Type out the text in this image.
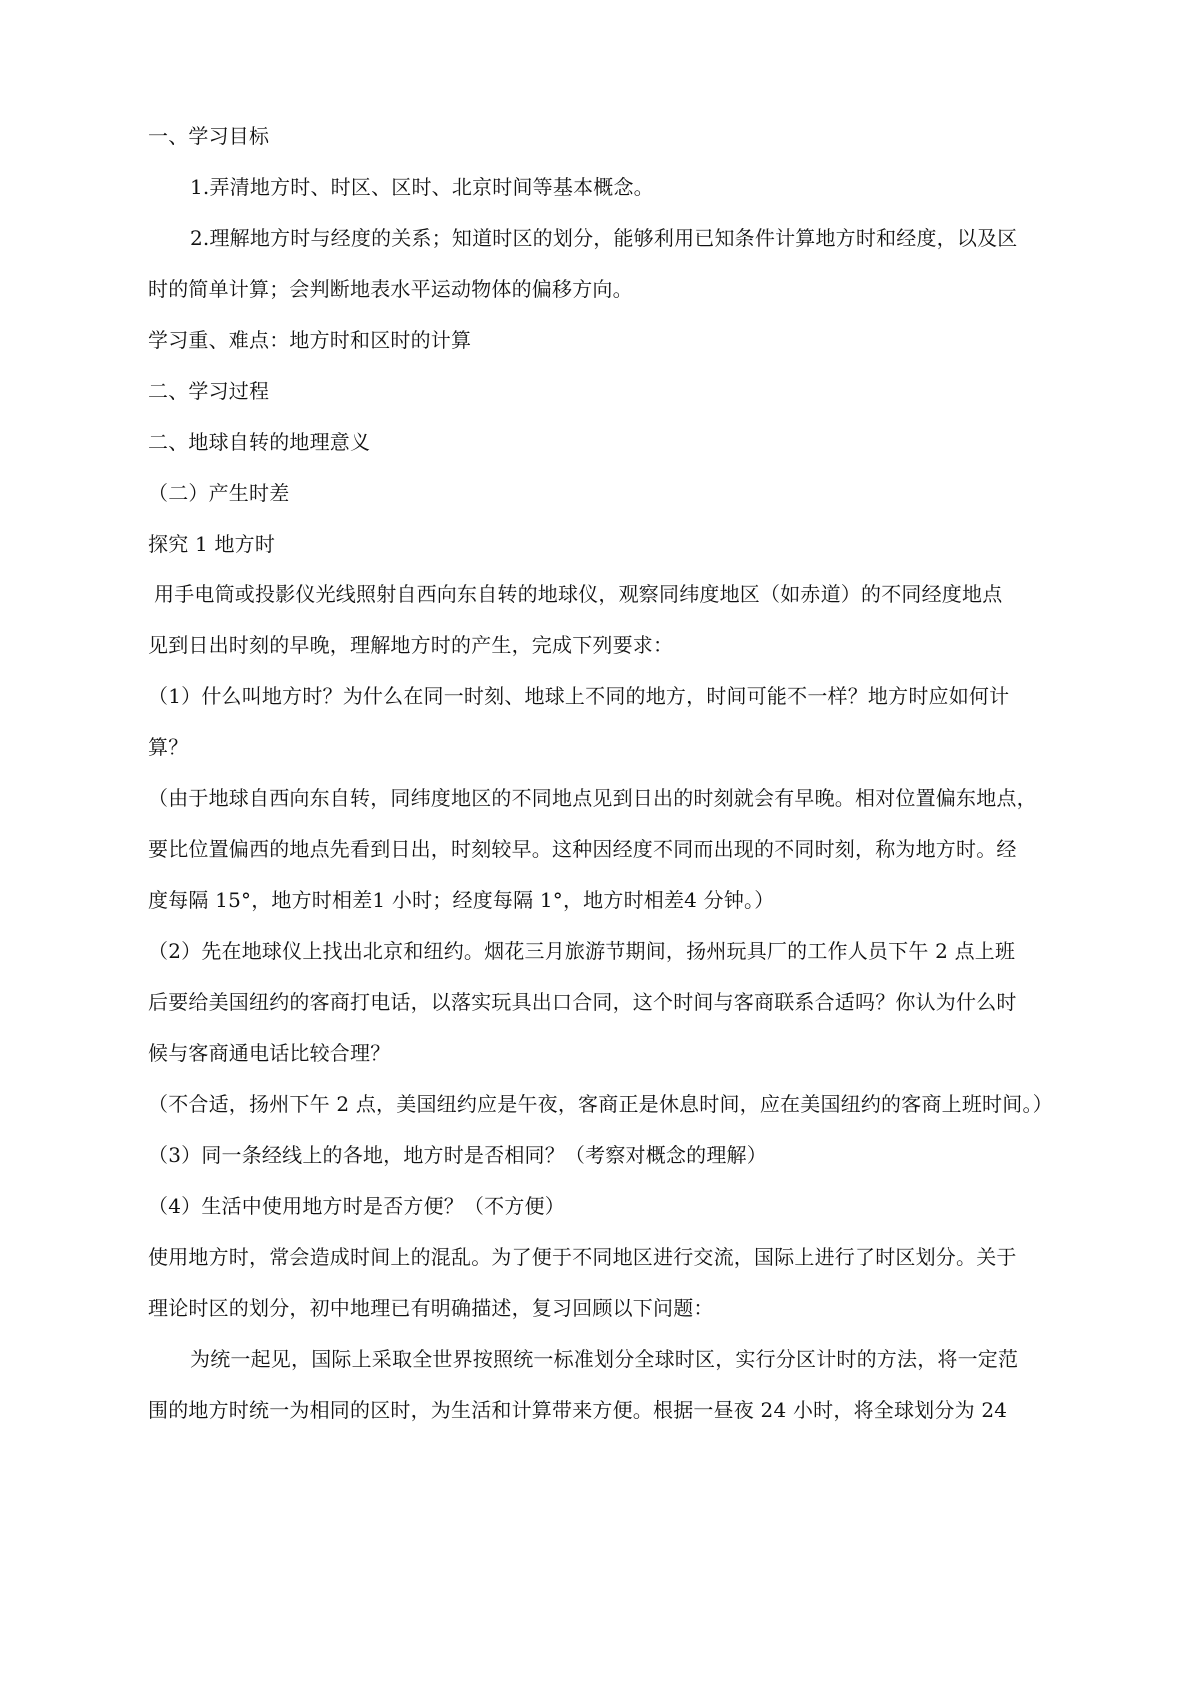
一、学习目标
1.弄清地方时、时区、区时、北京时间等基本概念。
2.理解地方时与经度的关系；知道时区的划分，能够利用已知条件计算地方时和经度，以及区
时的简单计算；会判断地表水平运动物体的偏移方向。
学习重、难点：地方时和区时的计算
二、学习过程
二、地球自转的地理意义
（二）产生时差
探究 1 地方时
用手电筒或投影仪光线照射自西向东自转的地球仪，观察同纬度地区（如赤道）的不同经度地点
见到日出时刻的早晚，理解地方时的产生，完成下列要求：
（1）什么叫地方时？为什么在同一时刻、地球上不同的地方，时间可能不一样？地方时应如何计
算？
（由于地球自西向东自转，同纬度地区的不同地点见到日出的时刻就会有早晚。相对位置偏东地点，
要比位置偏西的地点先看到日出，时刻较早。这种因经度不同而出现的不同时刻，称为地方时。经
度每隔 15°，地方时相差1 小时；经度每隔 1°，地方时相差4 分钟。）
（2）先在地球仪上找出北京和纽约。烟花三月旅游节期间，扬州玩具厂的工作人员下午 2 点上班
后要给美国纽约的客商打电话，以落实玩具出口合同，这个时间与客商联系合适吗？你认为什么时
候与客商通电话比较合理？
（不合适，扬州下午 2 点，美国纽约应是午夜，客商正是休息时间，应在美国纽约的客商上班时间。）
（3）同一条经线上的各地，地方时是否相同？（考察对概念的理解）
（4）生活中使用地方时是否方便？（不方便）
使用地方时，常会造成时间上的混乱。为了便于不同地区进行交流，国际上进行了时区划分。关于
理论时区的划分，初中地理已有明确描述，复习回顾以下问题：
为统一起见，国际上采取全世界按照统一标准划分全球时区，实行分区计时的方法，将一定范
围的地方时统一为相同的区时，为生活和计算带来方便。根据一昼夜 24 小时，将全球划分为 24
